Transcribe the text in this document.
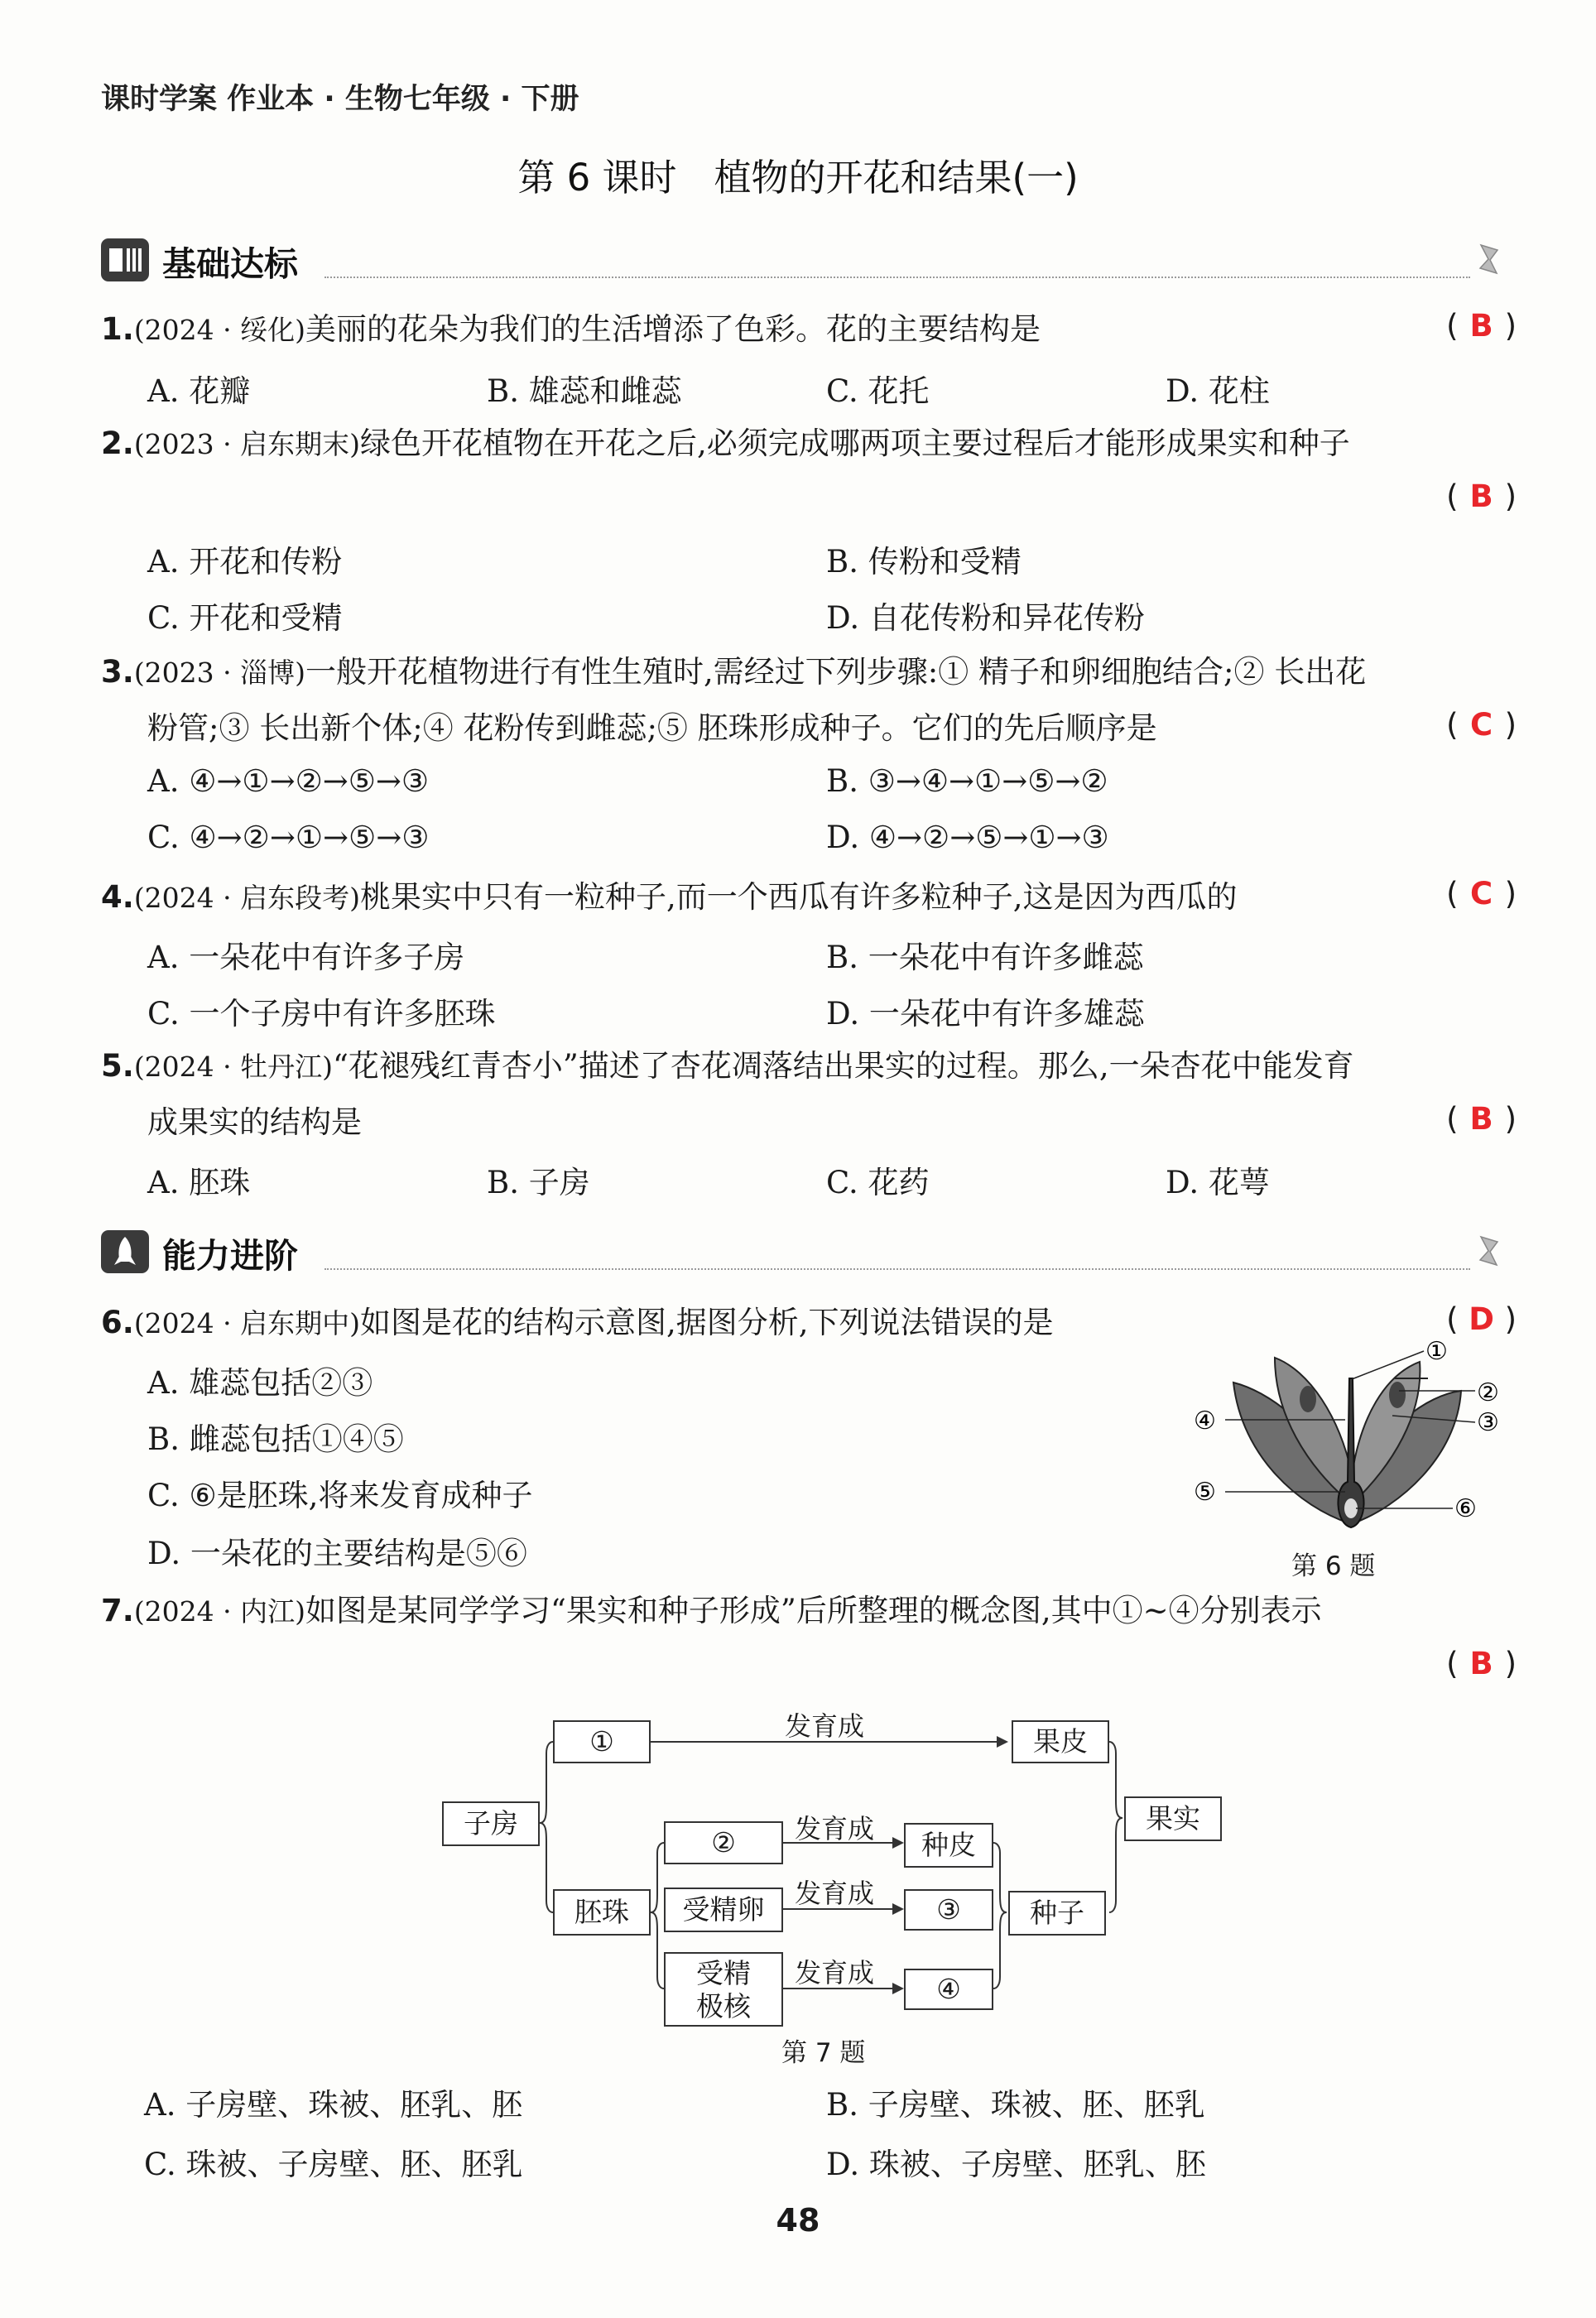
课时学案 作业本 · 生物七年级 · 下册
第 6 课时　植物的开花和结果(一)
基础达标
能力进阶
1.(2024 · 绥化)美丽的花朵为我们的生活增添了色彩。花的主要结构是	( B )
A. 花瓣	B. 雄蕊和雌蕊	C. 花托	D. 花柱
2.(2023 · 启东期末)绿色开花植物在开花之后,必须完成哪两项主要过程后才能形成果实和种子
( B )
A. 开花和传粉	B. 传粉和受精
C. 开花和受精	D. 自花传粉和异花传粉
3.(2023 · 淄博)一般开花植物进行有性生殖时,需经过下列步骤:① 精子和卵细胞结合;② 长出花
粉管;③ 长出新个体;④ 花粉传到雌蕊;⑤ 胚珠形成种子。它们的先后顺序是	( C )
A. ④→①→②→⑤→③	B. ③→④→①→⑤→②
C. ④→②→①→⑤→③	D. ④→②→⑤→①→③
4.(2024 · 启东段考)桃果实中只有一粒种子,而一个西瓜有许多粒种子,这是因为西瓜的	( C )
A. 一朵花中有许多子房	B. 一朵花中有许多雌蕊
C. 一个子房中有许多胚珠	D. 一朵花中有许多雄蕊
5.(2024 · 牡丹江)“花褪残红青杏小”描述了杏花凋落结出果实的过程。那么,一朵杏花中能发育
成果实的结构是	( B )
A. 胚珠	B. 子房	C. 花药	D. 花萼
6.(2024 · 启东期中)如图是花的结构示意图,据图分析,下列说法错误的是	( D )
A. 雄蕊包括②③
B. 雌蕊包括①④⑤
C. ⑥是胚珠,将来发育成种子
D. 一朵花的主要结构是⑤⑥
①
②
③
④
⑤
⑥
第 6 题
7.(2024 · 内江)如图是某同学学习“果实和种子形成”后所整理的概念图,其中①~④分别表示
( B )
子房
①	发育成	果皮
果实
胚珠
②	发育成	种皮
受精卵	发育成	③	种子
受精
极核
发育成	④
第 7 题
A. 子房壁、珠被、胚乳、胚	B. 子房壁、珠被、胚、胚乳
C. 珠被、子房壁、胚、胚乳	D. 珠被、子房壁、胚乳、胚
48
